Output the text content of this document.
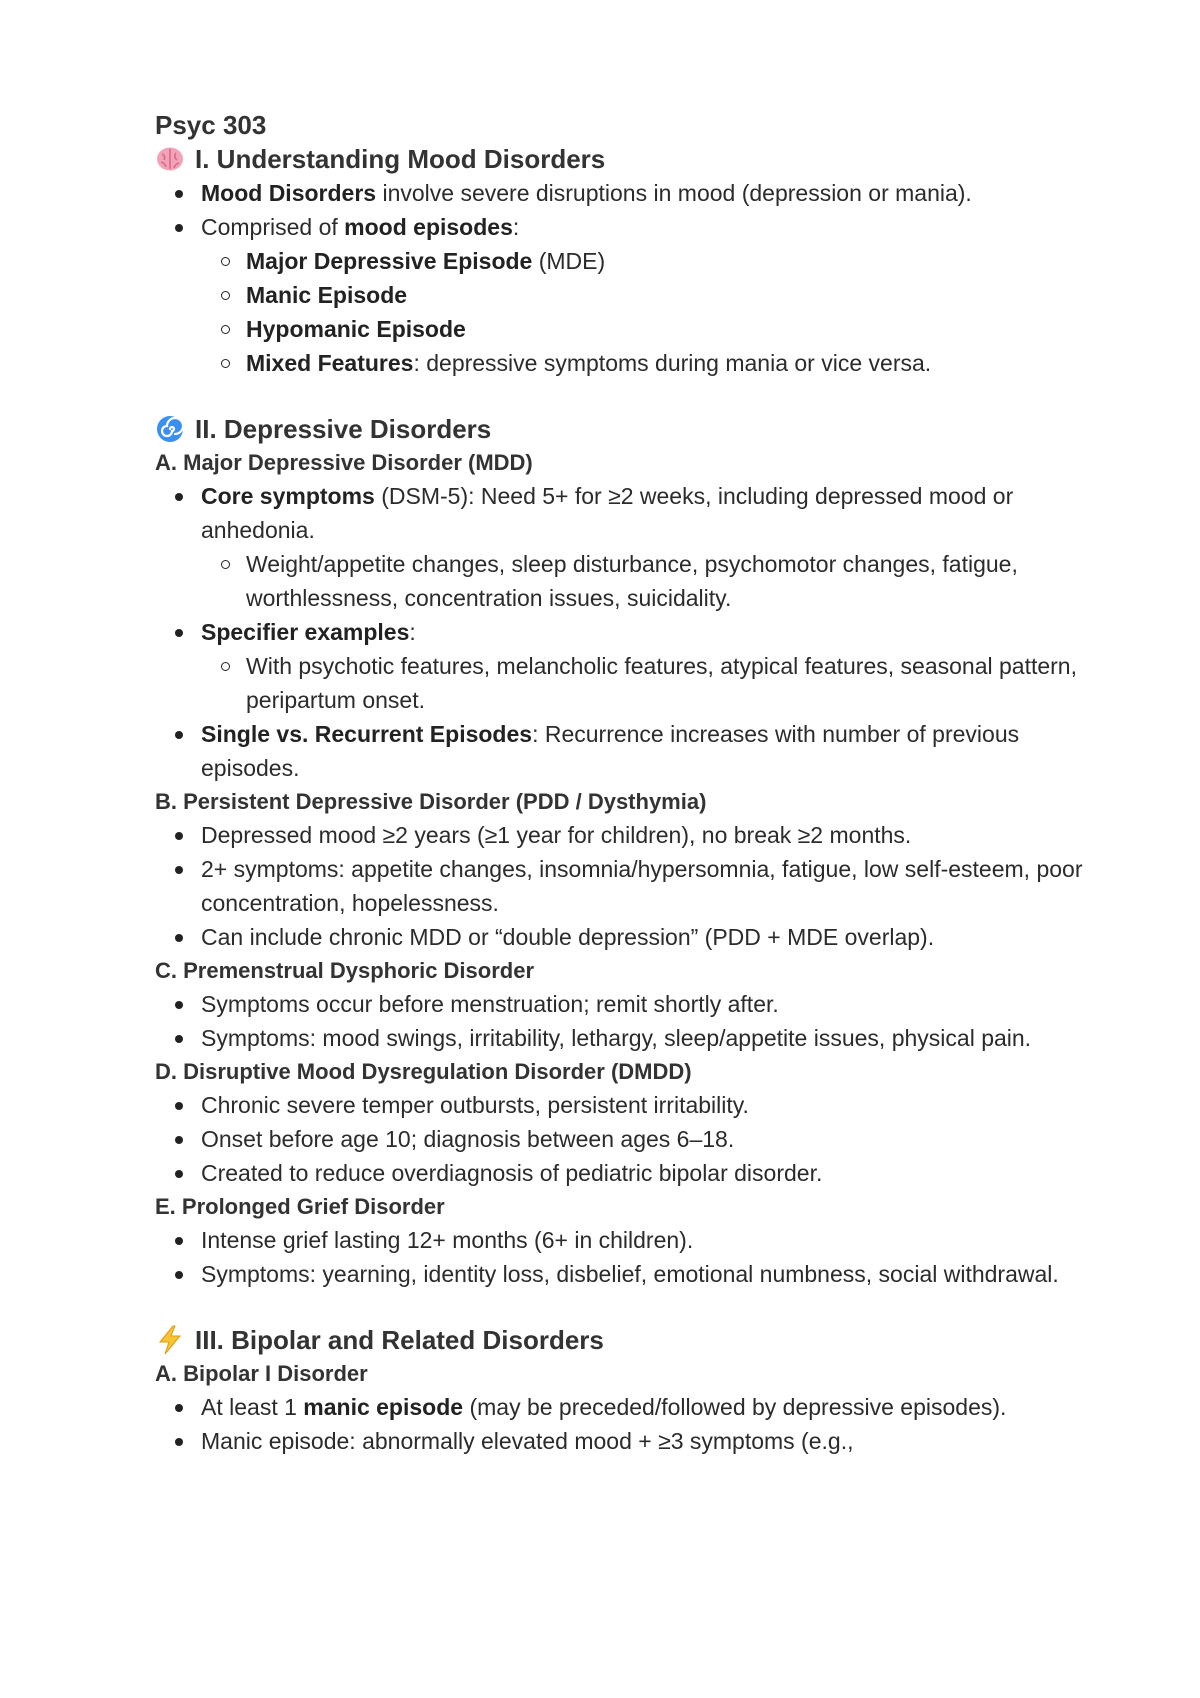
Psyc 303

I. Understanding Mood Disorders

Mood Disorders involve severe disruptions in mood (depression or mania).
Comprised of mood episodes:
Major Depressive Episode (MDE)
Manic Episode
Hypomanic Episode
Mixed Features: depressive symptoms during mania or vice versa.

II. Depressive Disorders

A. Major Depressive Disorder (MDD)

Core symptoms (DSM-5): Need 5+ for ≥2 weeks, including depressed mood or anhedonia.
Weight/appetite changes, sleep disturbance, psychomotor changes, fatigue, worthlessness, concentration issues, suicidality.
Specifier examples:
With psychotic features, melancholic features, atypical features, seasonal pattern, peripartum onset.
Single vs. Recurrent Episodes: Recurrence increases with number of previous episodes.

B. Persistent Depressive Disorder (PDD / Dysthymia)

Depressed mood ≥2 years (≥1 year for children), no break ≥2 months.
2+ symptoms: appetite changes, insomnia/hypersomnia, fatigue, low self-esteem, poor concentration, hopelessness.
Can include chronic MDD or “double depression” (PDD + MDE overlap).

C. Premenstrual Dysphoric Disorder

Symptoms occur before menstruation; remit shortly after.
Symptoms: mood swings, irritability, lethargy, sleep/appetite issues, physical pain.

D. Disruptive Mood Dysregulation Disorder (DMDD)

Chronic severe temper outbursts, persistent irritability.
Onset before age 10; diagnosis between ages 6–18.
Created to reduce overdiagnosis of pediatric bipolar disorder.

E. Prolonged Grief Disorder

Intense grief lasting 12+ months (6+ in children).
Symptoms: yearning, identity loss, disbelief, emotional numbness, social withdrawal.

III. Bipolar and Related Disorders

A. Bipolar I Disorder

At least 1 manic episode (may be preceded/followed by depressive episodes).
Manic episode: abnormally elevated mood + ≥3 symptoms (e.g.,
